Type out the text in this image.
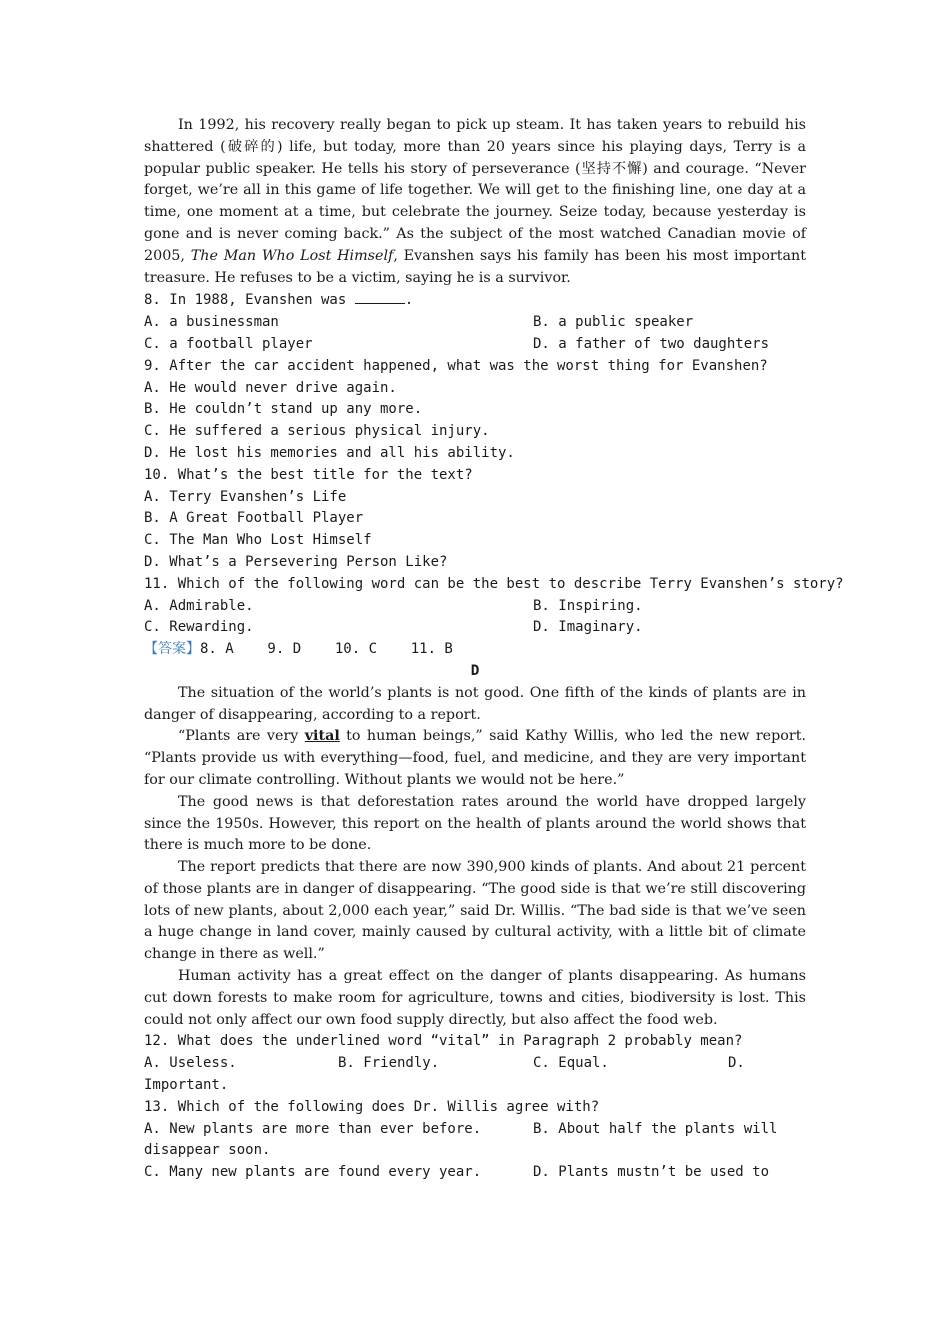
In 1992, his recovery really began to pick up steam. It has taken years to rebuild his shattered (破碎的) life, but today, more than 20 years since his playing days, Terry is a popular public speaker. He tells his story of perseverance (坚持不懈) and courage. “Never forget, we’re all in this game of life together. We will get to the finishing line, one day at a time, one moment at a time, but celebrate the journey. Seize today, because yesterday is gone and is never coming back.” As the subject of the most watched Canadian movie of 2005, The Man Who Lost Himself, Evanshen says his family has been his most important treasure. He refuses to be a victim, saying he is a survivor.

8. In 1988, Evanshen was	.

A. a businessman	B. a public speaker
C. a football player	D. a father of two daughters

9. After the car accident happened, what was the worst thing for Evanshen?

A. He would never drive again.

B. He couldn’t stand up any more.

C. He suffered a serious physical injury.

D. He lost his memories and all his ability.

10. What’s the best title for the text?

A. Terry Evanshen’s Life

B. A Great Football Player

C. The Man Who Lost Himself

D. What’s a Persevering Person Like?

11. Which of the following word can be the best to describe Terry Evanshen’s story?

A. Admirable.	B. Inspiring.
C. Rewarding.	D. Imaginary.

【答案】8. A    9. D    10. C    11. B

D

The situation of the world’s plants is not good. One fifth of the kinds of plants are in danger of disappearing, according to a report.

“Plants are very vital to human beings,” said Kathy Willis, who led the new report. “Plants provide us with everything—food, fuel, and medicine, and they are very important for our climate controlling. Without plants we would not be here.”

The good news is that deforestation rates around the world have dropped largely since the 1950s. However, this report on the health of plants around the world shows that there is much more to be done.

The report predicts that there are now 390,900 kinds of plants. And about 21 percent of those plants are in danger of disappearing. “The good side is that we’re still discovering lots of new plants, about 2,000 each year,” said Dr. Willis. “The bad side is that we’ve seen a huge change in land cover, mainly caused by cultural activity, with a little bit of climate change in there as well.”

Human activity has a great effect on the danger of plants disappearing. As humans cut down forests to make room for agriculture, towns and cities, biodiversity is lost. This could not only affect our own food supply directly, but also affect the food web.

12. What does the underlined word “vital” in Paragraph 2 probably mean?

A. Useless.	B. Friendly.	C. Equal.	D.

Important.

13. Which of the following does Dr. Willis agree with?

A. New plants are more than ever before.	B. About half the plants will

disappear soon.

C. Many new plants are found every year.	D. Plants mustn’t be used to
